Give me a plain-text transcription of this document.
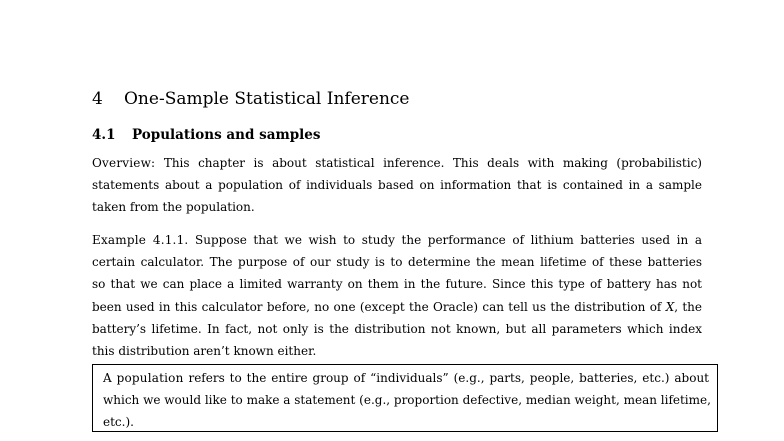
4 One-Sample Statistical Inference
4.1 Populations and samples
Overview: This chapter is about statistical inference. This deals with making (probabilistic)
statements about a population of individuals based on information that is contained in a sample
taken from the population.
Example 4.1.1. Suppose that we wish to study the performance of lithium batteries used in a
certain calculator. The purpose of our study is to determine the mean lifetime of these batteries
so that we can place a limited warranty on them in the future. Since this type of battery has not
been used in this calculator before, no one (except the Oracle) can tell us the distribution of X, the
battery’s lifetime. In fact, not only is the distribution not known, but all parameters which index
this distribution aren’t known either.
A population refers to the entire group of “individuals” (e.g., parts, people, batteries, etc.) about
which we would like to make a statement (e.g., proportion defective, median weight, mean lifetime,
etc.).
